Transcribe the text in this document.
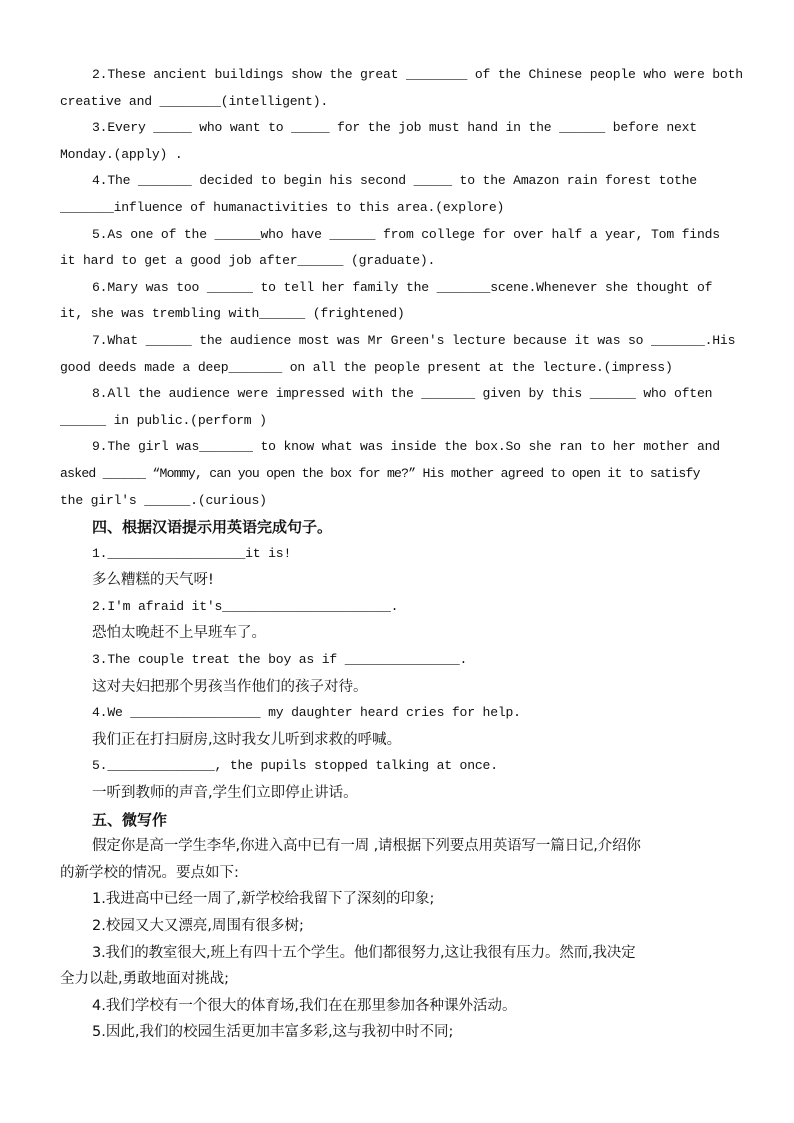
2.These ancient buildings show the great ________ of the Chinese people who were both
creative and ________(intelligent).
3.Every _____ who want to _____ for the job must hand in the ______ before next
Monday.(apply) .
4.The _______ decided to begin his second _____ to the Amazon rain forest tothe
_______influence of humanactivities to this area.(explore)
5.As one of the ______who have ______ from college for over half a year, Tom finds
it hard to get a good job after______ (graduate).
6.Mary was too ______ to tell her family the _______scene.Whenever she thought of
it, she was trembling with______ (frightened)
7.What ______ the audience most was Mr Green's lecture because it was so _______.His
good deeds made a deep_______ on all the people present at the lecture.(impress)
8.All the audience were impressed with the _______ given by this ______ who often
______ in public.(perform )
9.The girl was_______ to know what was inside the box.So she ran to her mother and
asked ______ “Mommy, can you open the box for me?” His mother agreed to open it to satisfy
the girl's ______.(curious)
四、根据汉语提示用英语完成句子。
1.__________________it is!
多么糟糕的天气呀!
2.I'm afraid it's______________________.
恐怕太晚赶不上早班车了。
3.The couple treat the boy as if _______________.
这对夫妇把那个男孩当作他们的孩子对待。
4.We _________________ my daughter heard cries for help.
我们正在打扫厨房,这时我女儿听到求救的呼喊。
5.______________, the pupils stopped talking at once.
一听到教师的声音,学生们立即停止讲话。
五、微写作
假定你是高一学生李华,你进入高中已有一周 ,请根据下列要点用英语写一篇日记,介绍你
的新学校的情况。要点如下:
1.我进高中已经一周了,新学校给我留下了深刻的印象;
2.校园又大又漂亮,周围有很多树;
3.我们的教室很大,班上有四十五个学生。他们都很努力,这让我很有压力。然而,我决定
全力以赴,勇敢地面对挑战;
4.我们学校有一个很大的体育场,我们在在那里参加各种课外活动。
5.因此,我们的校园生活更加丰富多彩,这与我初中时不同;
